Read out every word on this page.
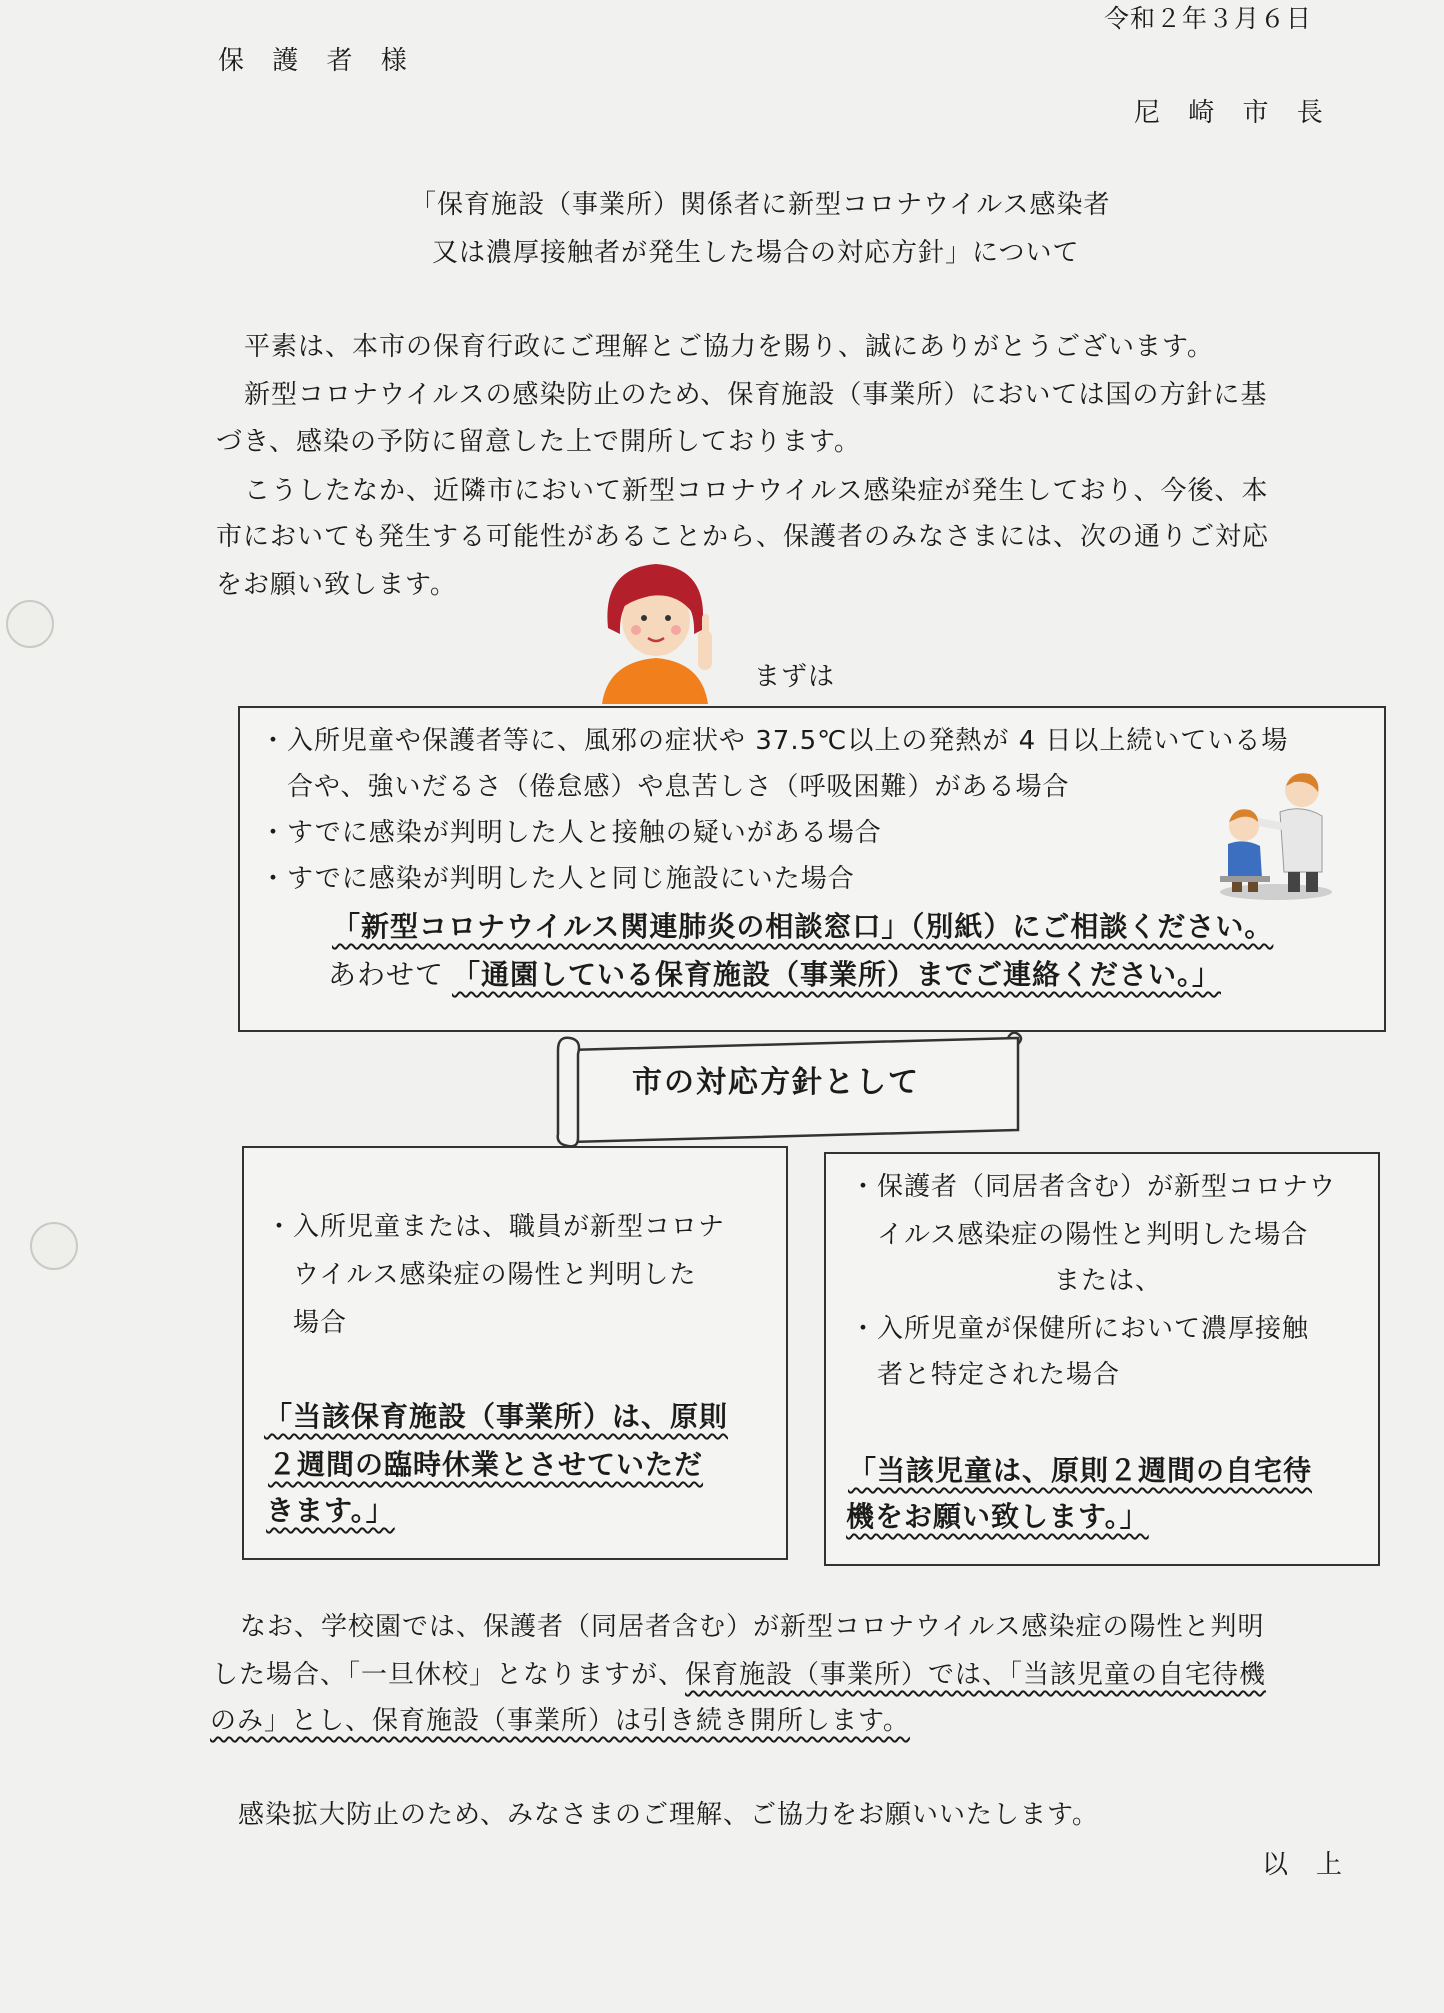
令和２年３月６日
保 護 者 様
尼 崎 市 長
「保育施設（事業所）関係者に新型コロナウイルス感染者
又は濃厚接触者が発生した場合の対応方針」について
平素は、本市の保育行政にご理解とご協力を賜り、誠にありがとうございます。
新型コロナウイルスの感染防止のため、保育施設（事業所）においては国の方針に基
づき、感染の予防に留意した上で開所しております。
こうしたなか、近隣市において新型コロナウイルス感染症が発生しており、今後、本
市においても発生する可能性があることから、保護者のみなさまには、次の通りご対応
をお願い致します。
まずは
・入所児童や保護者等に、風邪の症状や 37.5℃以上の発熱が 4 日以上続いている場
　合や、強いだるさ（倦怠感）や息苦しさ（呼吸困難）がある場合
・すでに感染が判明した人と接触の疑いがある場合
・すでに感染が判明した人と同じ施設にいた場合
「新型コロナウイルス関連肺炎の相談窓口」（別紙）にご相談ください。
あわせて 「通園している保育施設（事業所）までご連絡ください。」
市の対応方針として
・入所児童または、職員が新型コロナ
　ウイルス感染症の陽性と判明した
　場合
「当該保育施設（事業所）は、原則
２週間の臨時休業とさせていただ
きます。」
・保護者（同居者含む）が新型コロナウ
　イルス感染症の陽性と判明した場合
または、
・入所児童が保健所において濃厚接触
　者と特定された場合
「当該児童は、原則２週間の自宅待
機をお願い致します。」
なお、学校園では、保護者（同居者含む）が新型コロナウイルス感染症の陽性と判明
した場合、「一旦休校」となりますが、保育施設（事業所）では、「当該児童の自宅待機
のみ」とし、保育施設（事業所）は引き続き開所します。
感染拡大防止のため、みなさまのご理解、ご協力をお願いいたします。
以　上
